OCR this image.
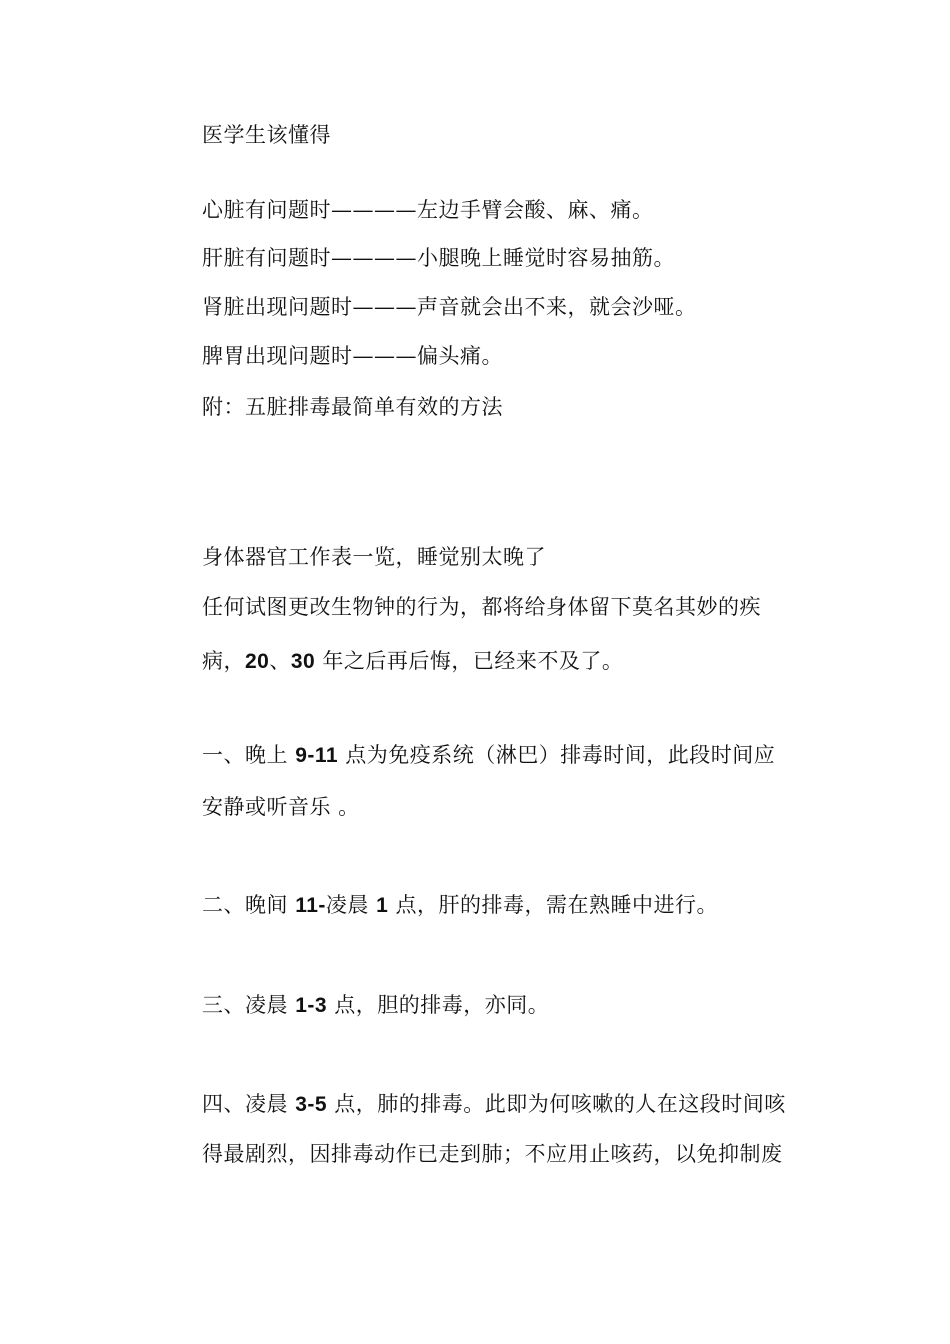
医学生该懂得
心脏有问题时————左边手臂会酸、麻、痛。
肝脏有问题时————小腿晚上睡觉时容易抽筋。
肾脏出现问题时———声音就会出不来，就会沙哑。
脾胃出现问题时———偏头痛。
附：五脏排毒最简单有效的方法
身体器官工作表一览，睡觉别太晚了
任何试图更改生物钟的行为，都将给身体留下莫名其妙的疾
病，20、30 年之后再后悔，已经来不及了。
一、晚上 9-11 点为免疫系统（淋巴）排毒时间，此段时间应
安静或听音乐 。
二、晚间 11-凌晨 1 点，肝的排毒，需在熟睡中进行。
三、凌晨 1-3 点，胆的排毒，亦同。
四、凌晨 3-5 点，肺的排毒。此即为何咳嗽的人在这段时间咳
得最剧烈，因排毒动作已走到肺；不应用止咳药，以免抑制废
